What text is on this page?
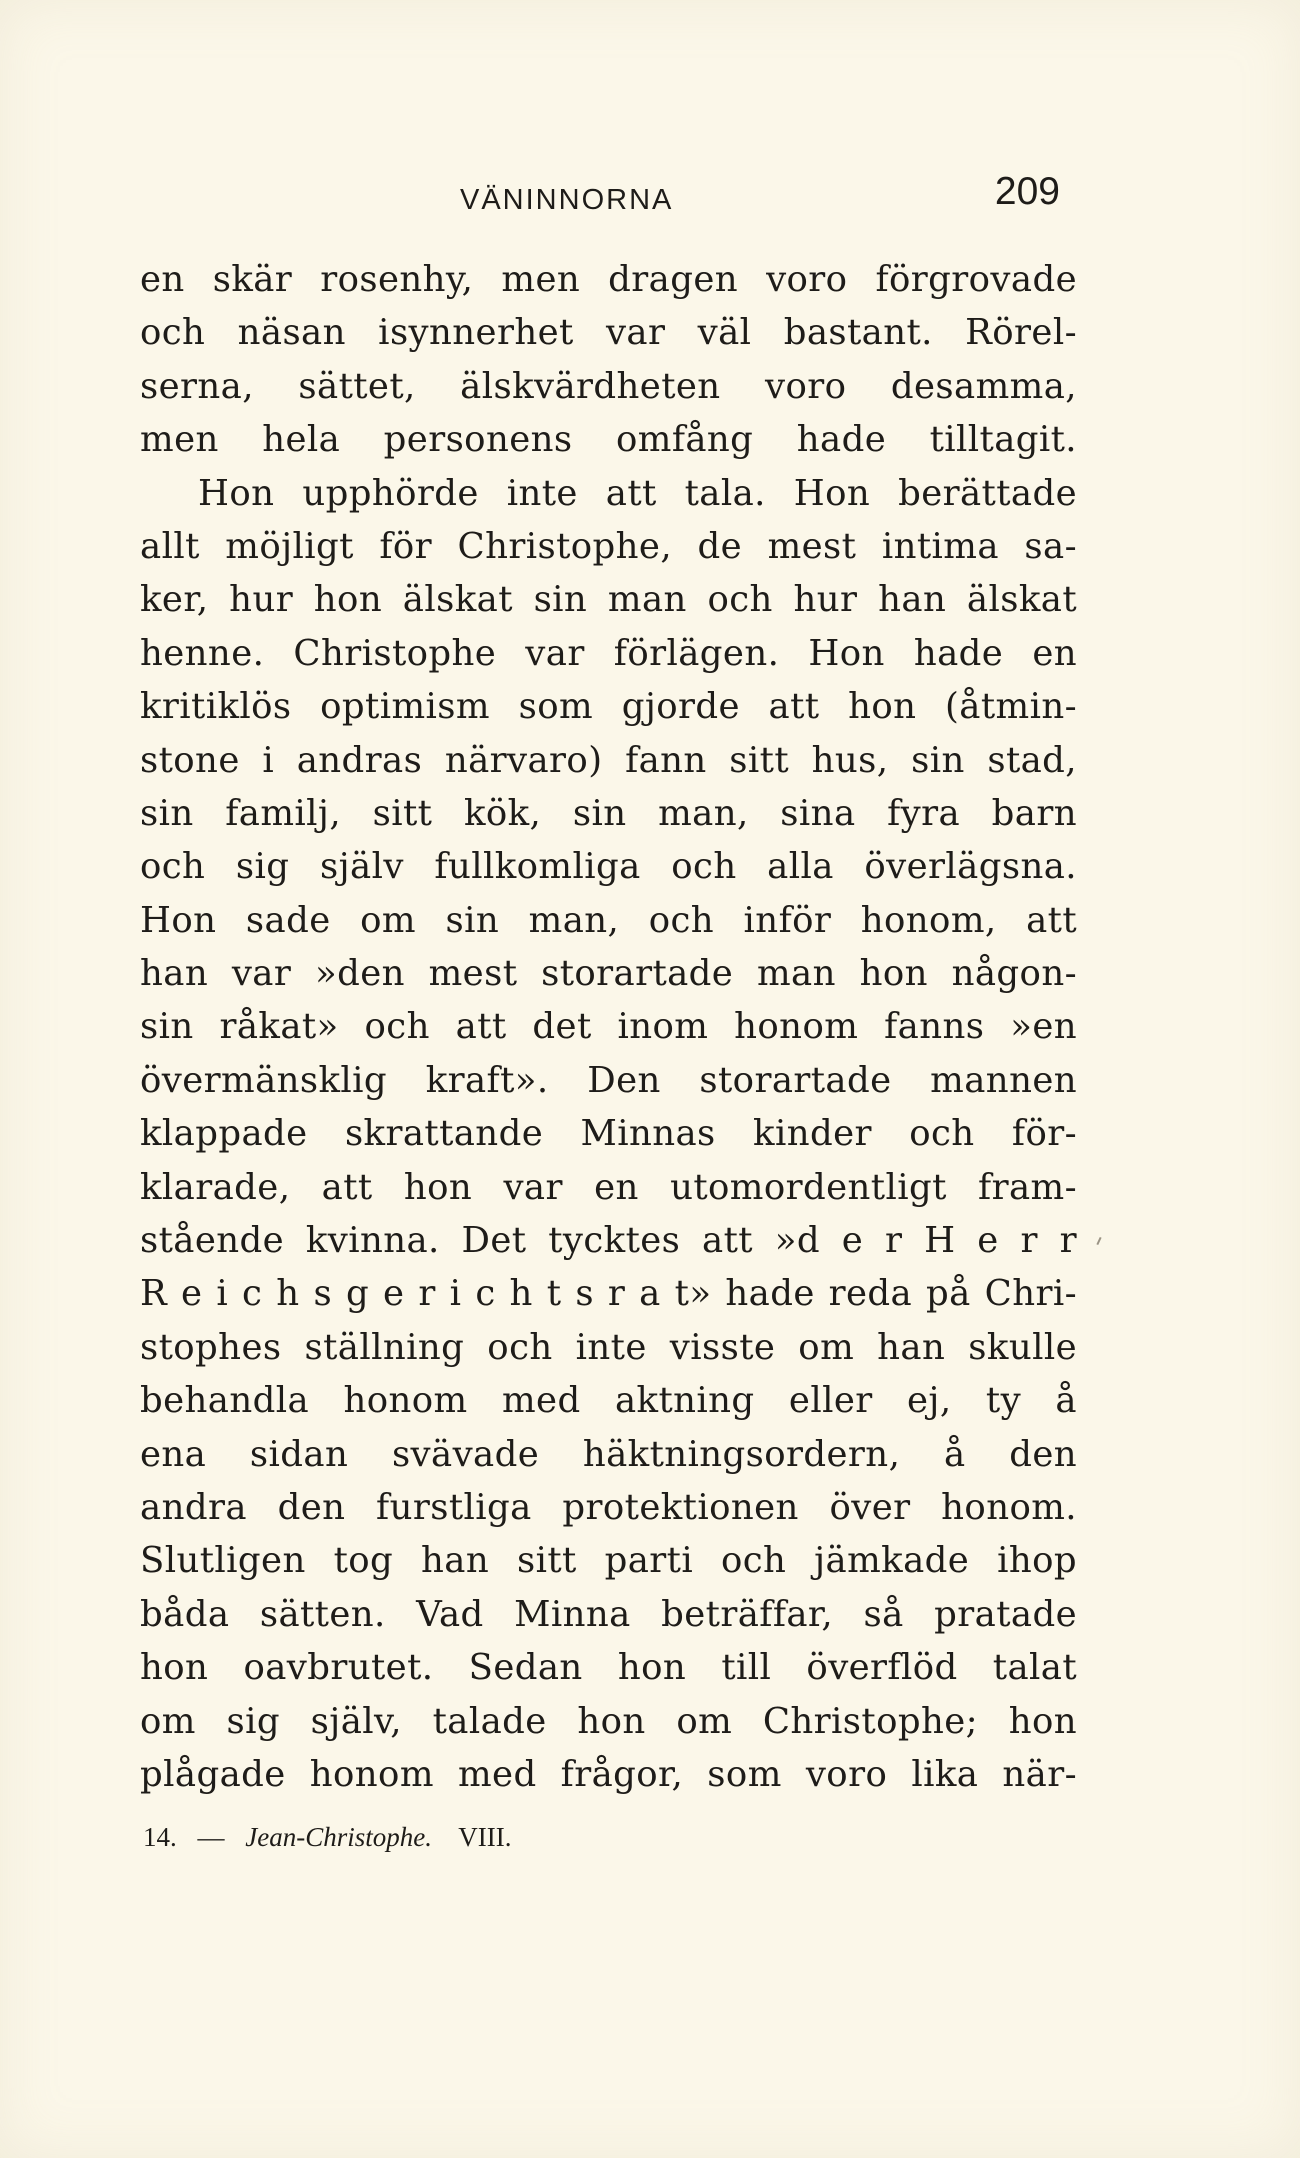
VÄNINNORNA	209
en skär rosenhy, men dragen voro förgrovade
och näsan isynnerhet var väl bastant. Rörel-
serna, sättet, älskvärdheten voro desamma,
men hela personens omfång hade tilltagit.
Hon upphörde inte att tala. Hon berättade
allt möjligt för Christophe, de mest intima sa-
ker, hur hon älskat sin man och hur han älskat
henne. Christophe var förlägen. Hon hade en
kritiklös optimism som gjorde att hon (åtmin-
stone i andras närvaro) fann sitt hus, sin stad,
sin familj, sitt kök, sin man, sina fyra barn
och sig själv fullkomliga och alla överlägsna.
Hon sade om sin man, och inför honom, att
han var »den mest storartade man hon någon-
sin råkat» och att det inom honom fanns »en
övermänsklig kraft». Den storartade mannen
klappade skrattande Minnas kinder och för-
klarade, att hon var en utomordentligt fram-
stående kvinna. Det tycktes att »d e r H e r r
R e i c h s g e r i c h t s r a t» hade reda på Chri-
stophes ställning och inte visste om han skulle
behandla honom med aktning eller ej, ty å
ena sidan svävade häktningsordern, å den
andra den furstliga protektionen över honom.
Slutligen tog han sitt parti och jämkade ihop
båda sätten. Vad Minna beträffar, så pratade
hon oavbrutet. Sedan hon till överflöd talat
om sig själv, talade hon om Christophe; hon
plågade honom med frågor, som voro lika när-
14. — Jean-Christophe. VIII.
